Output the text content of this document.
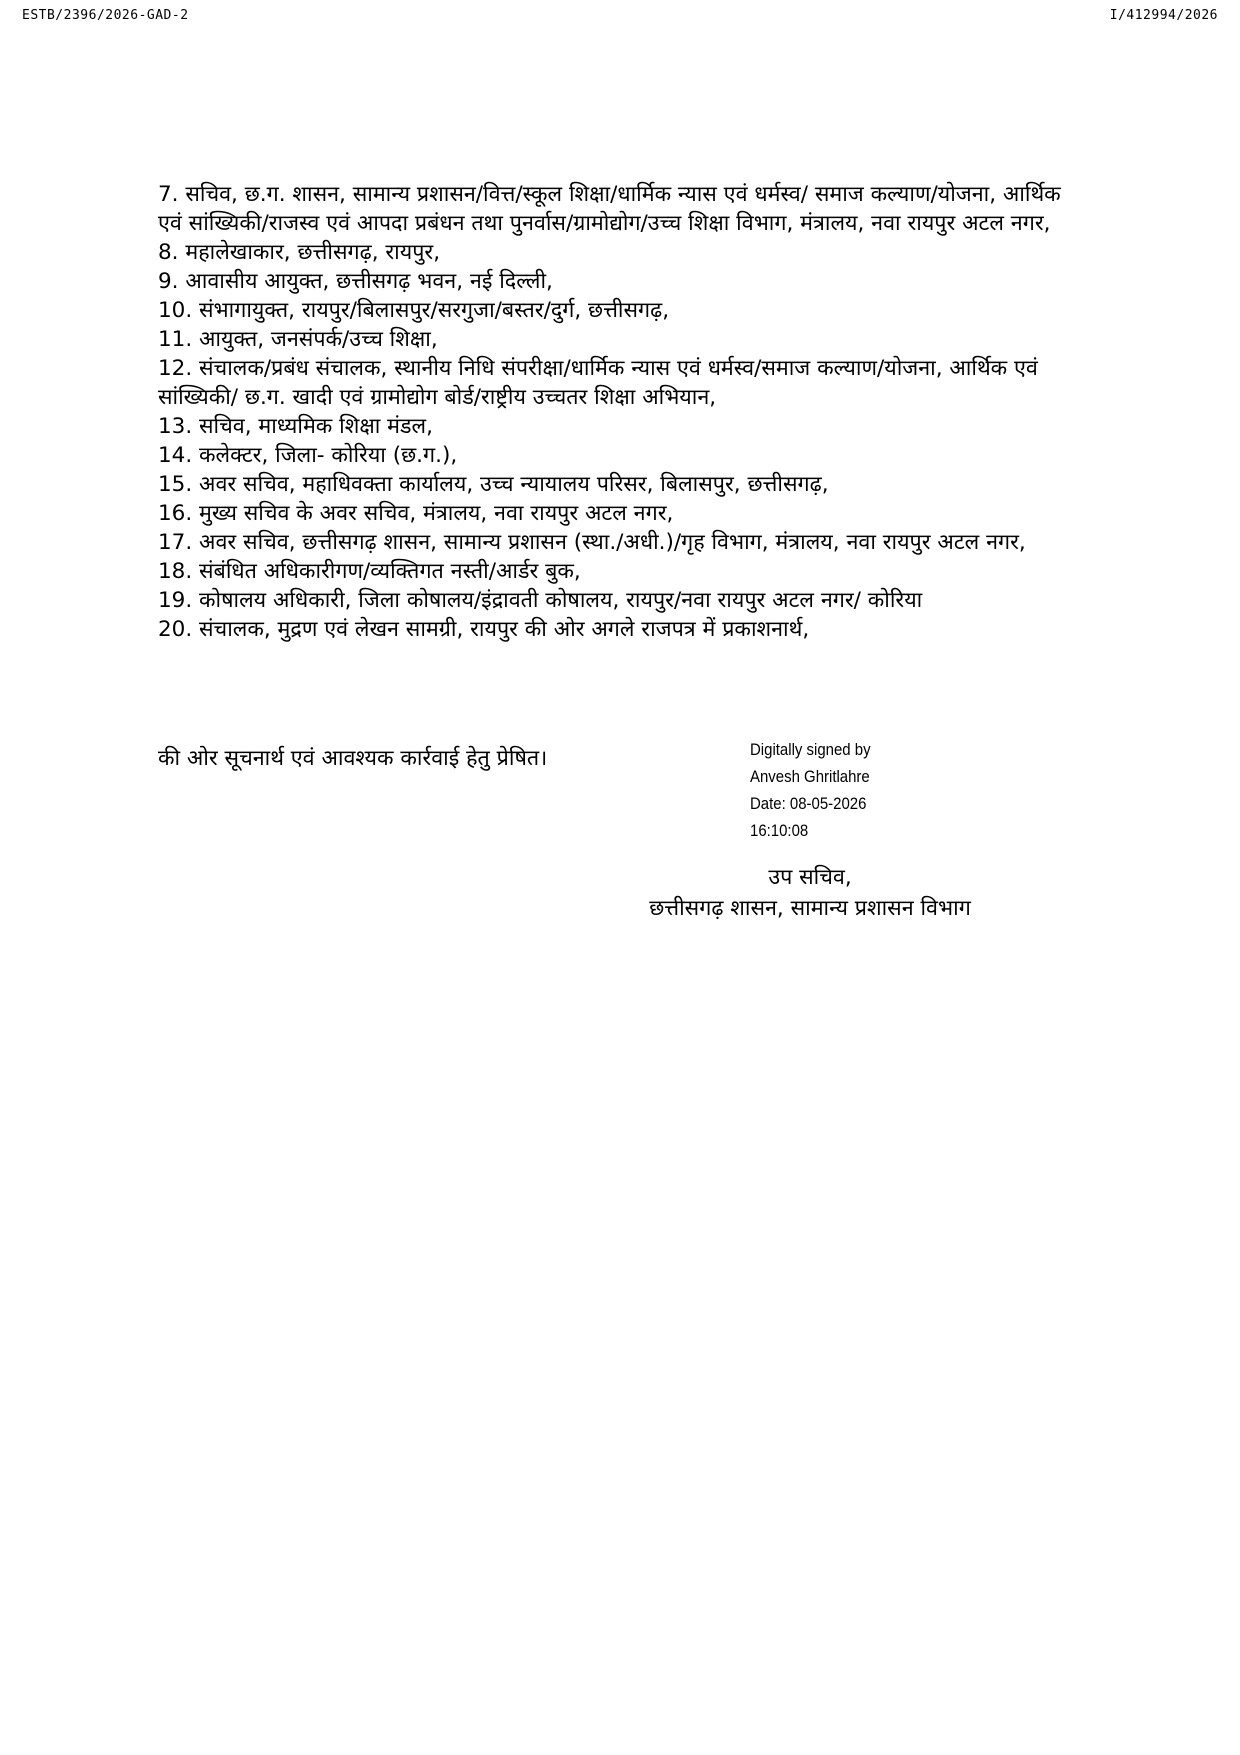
ESTB/2396/2026-GAD-2	I/412994/2026
7. सचिव, छ.ग. शासन, सामान्य प्रशासन/वित्त/स्कूल शिक्षा/धार्मिक न्यास एवं धर्मस्व/ समाज कल्याण/योजना, आर्थिक एवं सांख्यिकी/राजस्व एवं आपदा प्रबंधन तथा पुनर्वास/ग्रामोद्योग/उच्च शिक्षा विभाग, मंत्रालय, नवा रायपुर अटल नगर,
8. महालेखाकार, छत्तीसगढ़, रायपुर,
9. आवासीय आयुक्त, छत्तीसगढ़ भवन, नई दिल्ली,
10. संभागायुक्त, रायपुर/बिलासपुर/सरगुजा/बस्तर/दुर्ग, छत्तीसगढ़,
11. आयुक्त, जनसंपर्क/उच्च शिक्षा,
12. संचालक/प्रबंध संचालक, स्थानीय निधि संपरीक्षा/धार्मिक न्यास एवं धर्मस्व/समाज कल्याण/योजना, आर्थिक एवं सांख्यिकी/ छ.ग. खादी एवं ग्रामोद्योग बोर्ड/राष्ट्रीय उच्चतर शिक्षा अभियान,
13. सचिव, माध्यमिक शिक्षा मंडल,
14. कलेक्टर, जिला- कोरिया (छ.ग.),
15. अवर सचिव, महाधिवक्ता कार्यालय, उच्च न्यायालय परिसर, बिलासपुर, छत्तीसगढ़,
16. मुख्य सचिव के अवर सचिव, मंत्रालय, नवा रायपुर अटल नगर,
17. अवर सचिव, छत्तीसगढ़ शासन, सामान्य प्रशासन (स्था./अधी.)/गृह विभाग, मंत्रालय, नवा रायपुर अटल नगर,
18. संबंधित अधिकारीगण/व्यक्तिगत नस्ती/आर्डर बुक,
19. कोषालय अधिकारी, जिला कोषालय/इंद्रावती कोषालय, रायपुर/नवा रायपुर अटल नगर/ कोरिया
20. संचालक, मुद्रण एवं लेखन सामग्री, रायपुर की ओर अगले राजपत्र में प्रकाशनार्थ,
की ओर सूचनार्थ एवं आवश्यक कार्रवाई हेतु प्रेषित।	Digitally signed by
Anvesh Ghritlahre
Date: 08-05-2026
16:10:08
उप सचिव,
छत्तीसगढ़ शासन, सामान्य प्रशासन विभाग
